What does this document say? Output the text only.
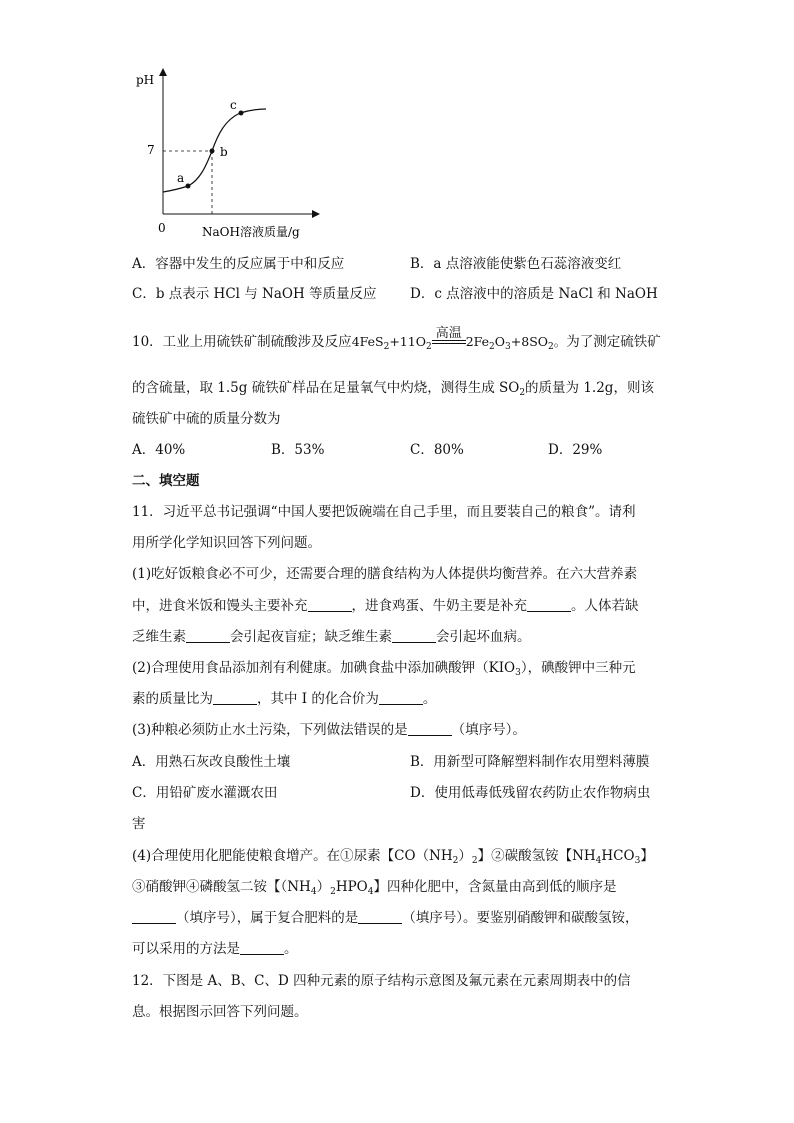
pH
0
7
NaOH溶液质量/g
a
b
c
A．容器中发生的反应属于中和反应	B．a 点溶液能使紫色石蕊溶液变红
C．b 点表示 HCl 与 NaOH 等质量反应 D．c 点溶液中的溶质是 NaCl 和 NaOH
10．工业上用硫铁矿制硫酸涉及反应$4FeS_2+11O_2$
高温
$2Fe_2O_3+8SO_2$。为了测定硫铁矿
的含硫量，取 1.5g 硫铁矿样品在足量氧气中灼烧，测得生成 $SO_2$的质量为 1.2g，则该
硫铁矿中硫的质量分数为
A．40%	B．53%	C．80%	D．29%
二、填空题
11．习近平总书记强调“中国人要把饭碗端在自己手里，而且要装自己的粮食”。请利
用所学化学知识回答下列问题。
(1)吃好饭粮食必不可少，还需要合理的膳食结构为人体提供均衡营养。在六大营养素
中，进食米饭和馒头主要补充	，进食鸡蛋、牛奶主要是补充	。人体若缺
乏维生素	会引起夜盲症；缺乏维生素	会引起坏血病。
(2)合理使用食品添加剂有利健康。加碘食盐中添加碘酸钾$(KIO_3)$，碘酸钾中三种元
素的质量比为	，其中 I 的化合价为	。
(3)种粮必须防止水土污染，下列做法错误的是	（填序号）。
A．用熟石灰改良酸性土壤	B．用新型可降解塑料制作农用塑料薄膜
C．用铅矿废水灌溉农田	D．使用低毒低残留农药防止农作物病虫
害
(4)合理使用化肥能使粮食增产。在①尿素【$CO(NH_2)_2$】②碳酸氢铵【$NH_4HCO_3$】
③硝酸钾④磷酸氢二铵【$(NH_4)_2HPO_4$】四种化肥中，含氮量由高到低的顺序是
（填序号），属于复合肥料的是	（填序号）。要鉴别硝酸钾和碳酸氢铵，
可以采用的方法是	。
12．下图是 A、B、C、D 四种元素的原子结构示意图及氟元素在元素周期表中的信
息。根据图示回答下列问题。
